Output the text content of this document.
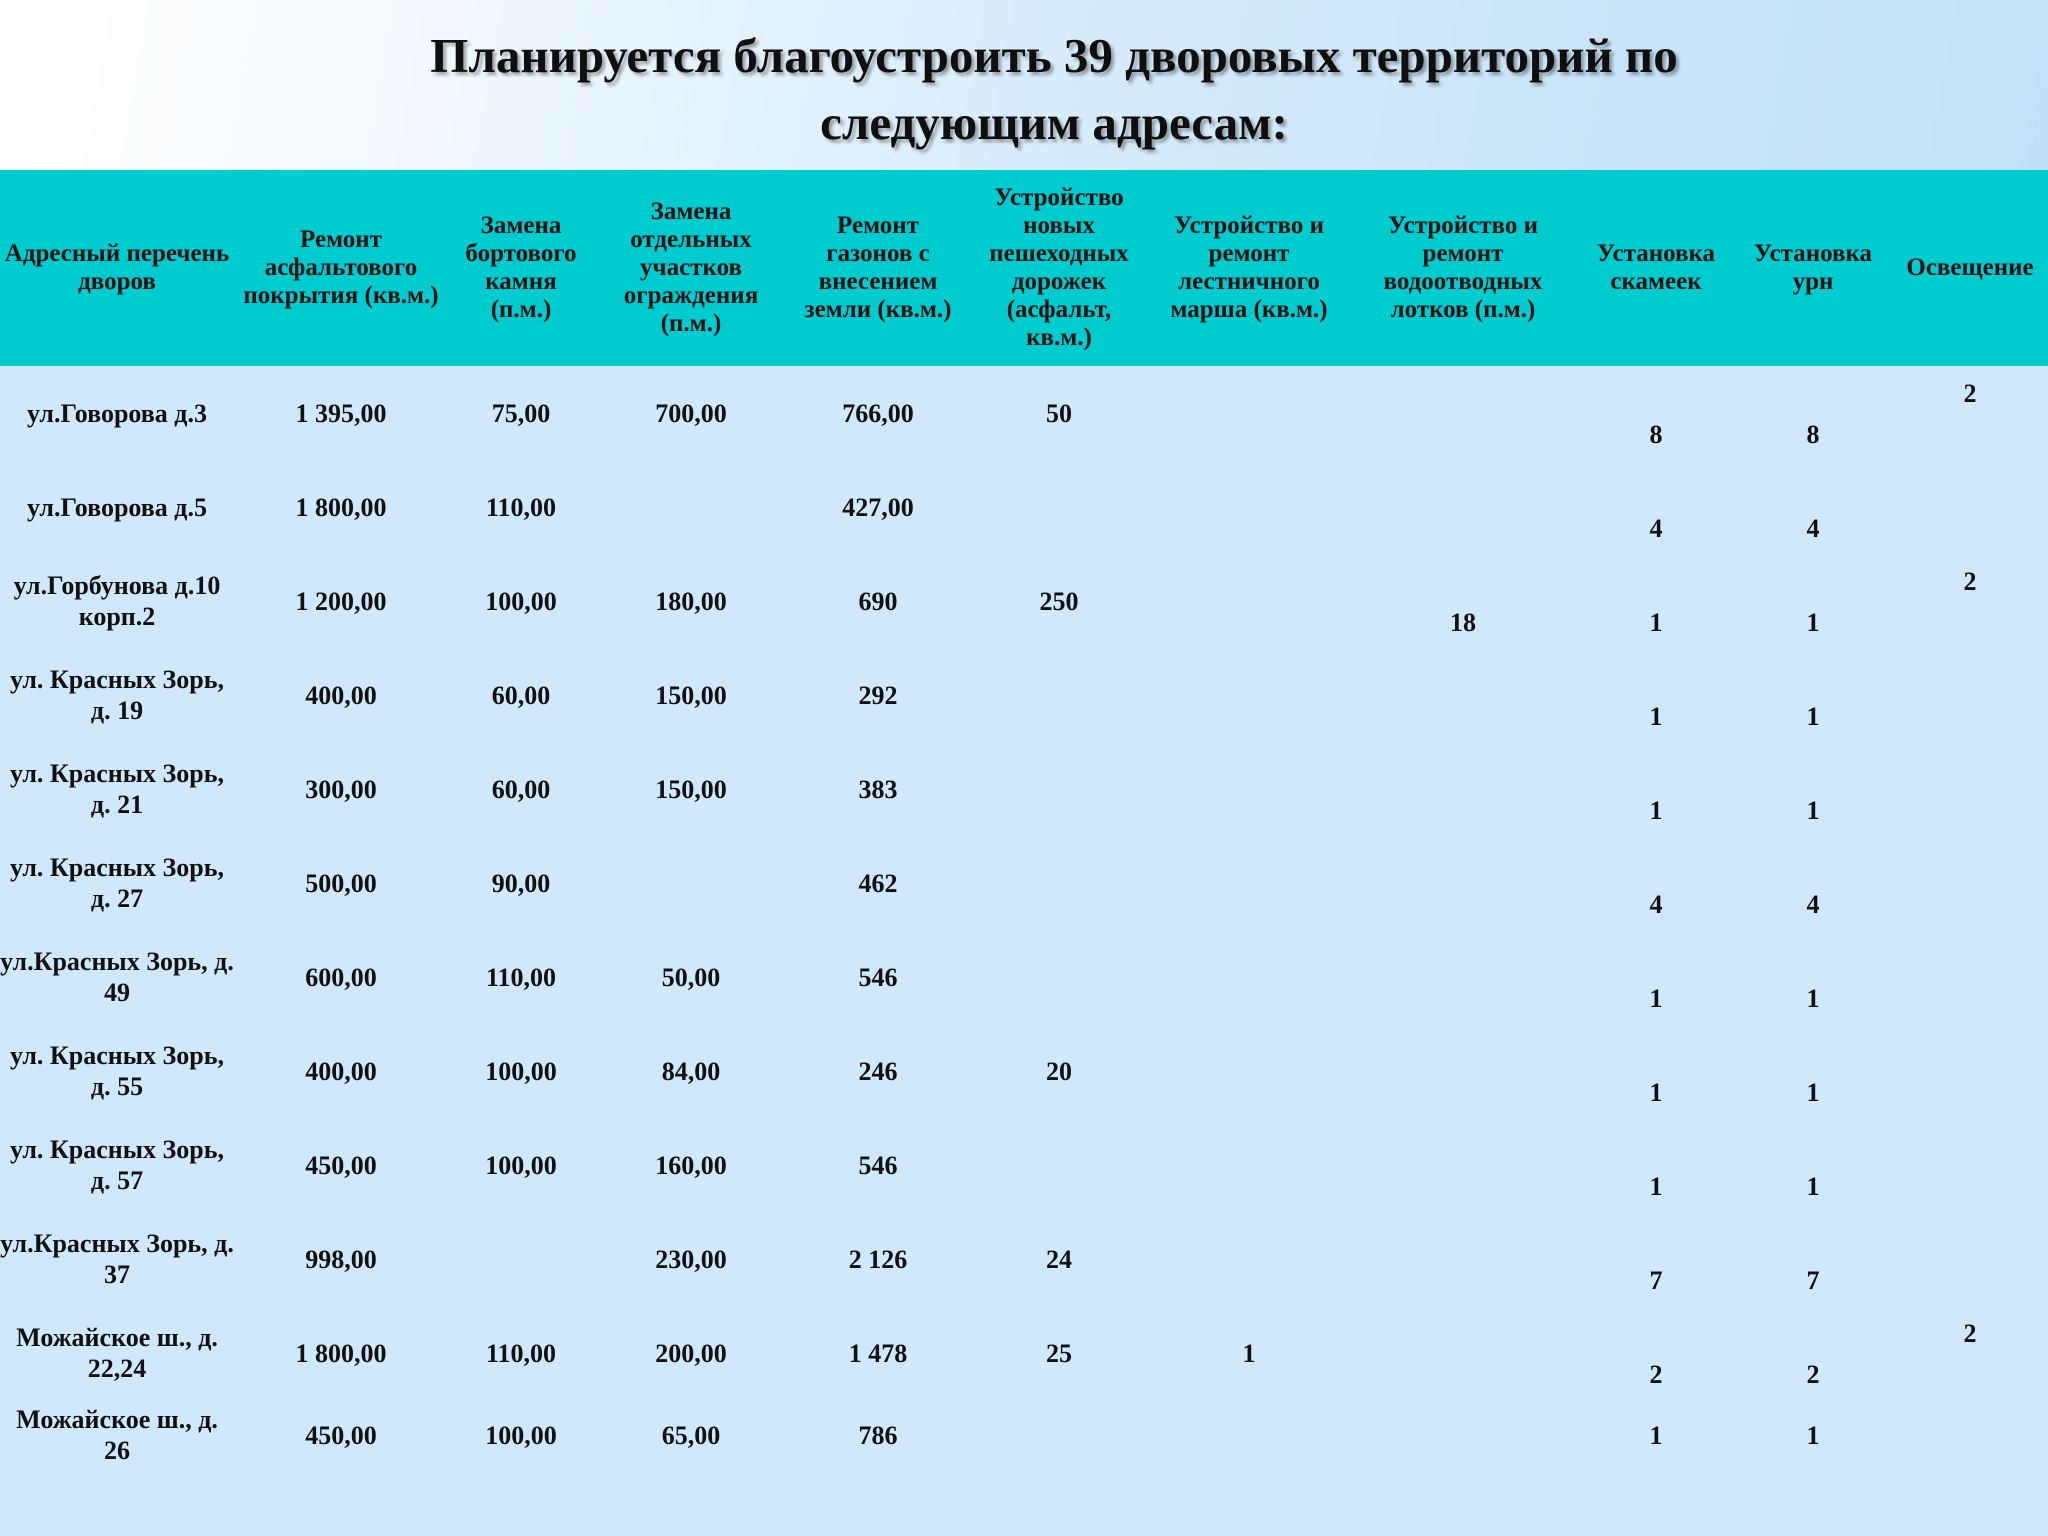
Планируется благоустроить 39 дворовых территорий по
следующим адресам:
Адресный перечень дворов	Ремонт асфальтового покрытия (кв.м.)	Замена бортового камня (п.м.)	Замена отдельных участков ограждения (п.м.)	Ремонт газонов с внесением земли (кв.м.)	Устройство новых пешеходных дорожек (асфальт, кв.м.)	Устройство и ремонт лестничного марша (кв.м.)	Устройство и ремонт водоотводных лотков (п.м.)	Установка скамеек	Установка урн	Освещение
ул.Говорова д.3	1 395,00	75,00	700,00	766,00	50			8	8	2
ул.Говорова д.5	1 800,00	110,00		427,00				4	4	
ул.Горбунова д.10 корп.2	1 200,00	100,00	180,00	690	250		18	1	1	2
ул. Красных Зорь, д. 19	400,00	60,00	150,00	292				1	1	
ул. Красных Зорь, д. 21	300,00	60,00	150,00	383				1	1	
ул. Красных Зорь, д. 27	500,00	90,00		462				4	4	
ул.Красных Зорь, д. 49	600,00	110,00	50,00	546				1	1	
ул. Красных Зорь, д. 55	400,00	100,00	84,00	246	20			1	1	
ул. Красных Зорь, д. 57	450,00	100,00	160,00	546				1	1	
ул.Красных Зорь, д. 37	998,00		230,00	2 126	24			7	7	
Можайское ш., д. 22,24	1 800,00	110,00	200,00	1 478	25	1		2	2	2
Можайское ш., д. 26	450,00	100,00	65,00	786				1	1	
